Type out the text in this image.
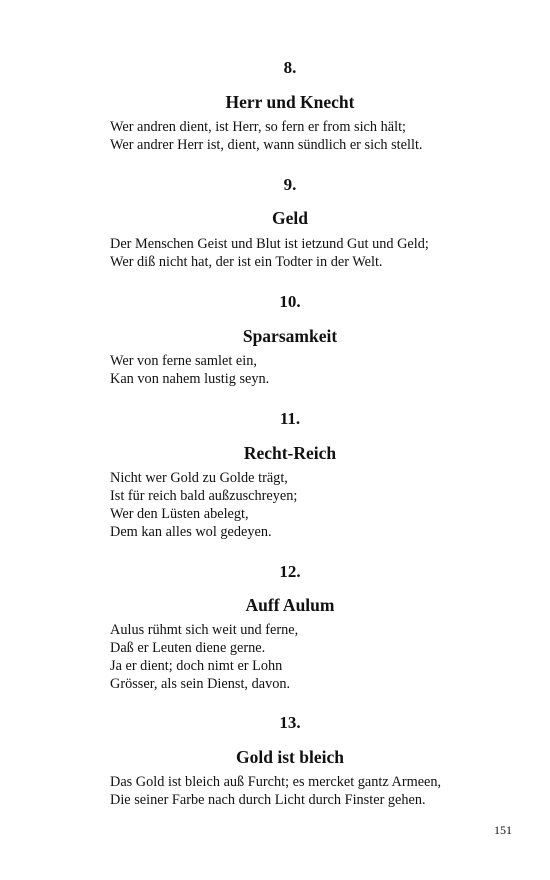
8.
Herr und Knecht
Wer andren dient, ist Herr, so fern er from sich hält;
Wer andrer Herr ist, dient, wann sündlich er sich stellt.
9.
Geld
Der Menschen Geist und Blut ist ietzund Gut und Geld;
Wer diß nicht hat, der ist ein Todter in der Welt.
10.
Sparsamkeit
Wer von ferne samlet ein,
Kan von nahem lustig seyn.
11.
Recht-Reich
Nicht wer Gold zu Golde trägt,
Ist für reich bald außzuschreyen;
Wer den Lüsten abelegt,
Dem kan alles wol gedeyen.
12.
Auff Aulum
Aulus rühmt sich weit und ferne,
Daß er Leuten diene gerne.
Ja er dient; doch nimt er Lohn
Grösser, als sein Dienst, davon.
13.
Gold ist bleich
Das Gold ist bleich auß Furcht; es mercket gantz Armeen,
Die seiner Farbe nach durch Licht durch Finster gehen.
151
